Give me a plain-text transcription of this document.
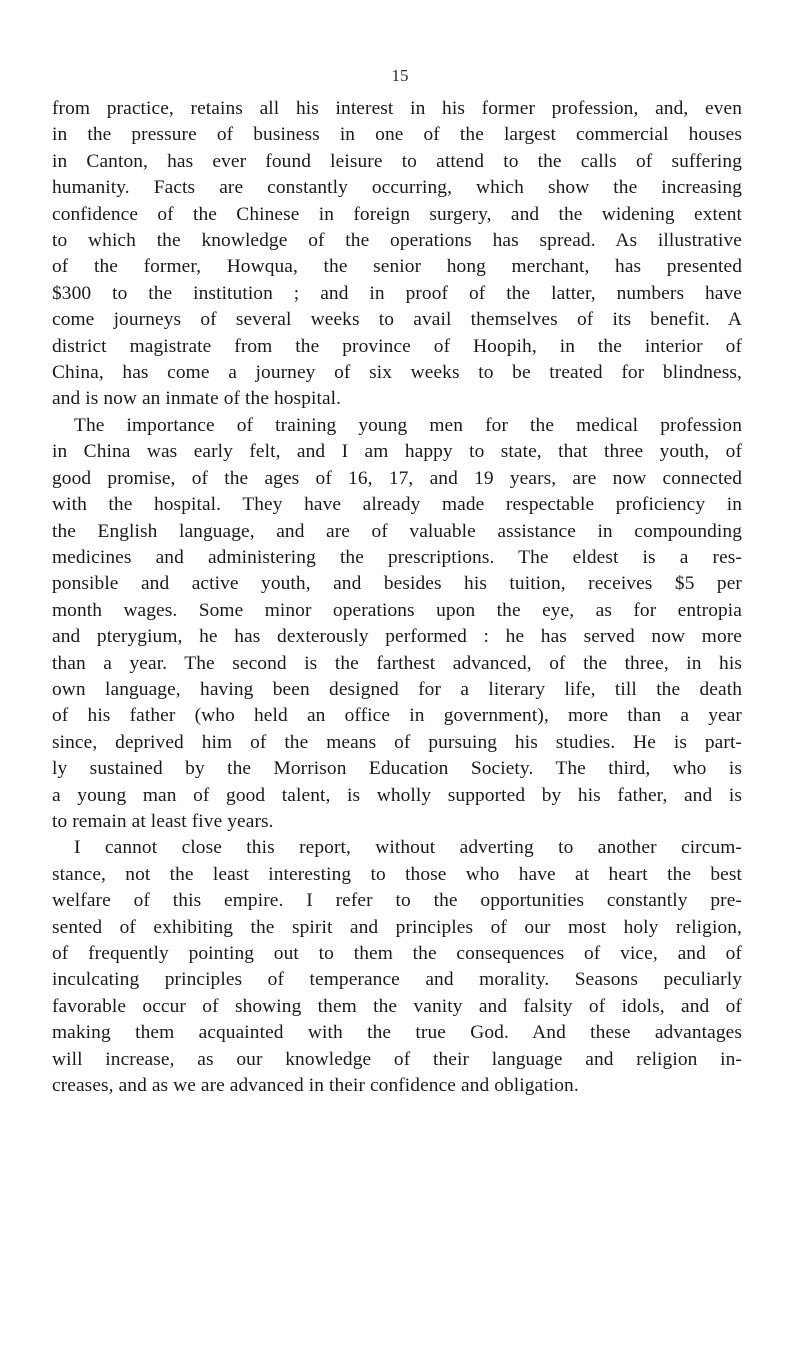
15
from practice, retains all his interest in his former profession, and, even
in the pressure of business in one of the largest commercial houses
in Canton, has ever found leisure to attend to the calls of suffering
humanity. Facts are constantly occurring, which show the increasing
confidence of the Chinese in foreign surgery, and the widening extent
to which the knowledge of the operations has spread. As illustrative
of the former, Howqua, the senior hong merchant, has presented
$300 to the institution ; and in proof of the latter, numbers have
come journeys of several weeks to avail themselves of its benefit. A
district magistrate from the province of Hoopih, in the interior of
China, has come a journey of six weeks to be treated for blindness,
and is now an inmate of the hospital.
The importance of training young men for the medical profession
in China was early felt, and I am happy to state, that three youth, of
good promise, of the ages of 16, 17, and 19 years, are now connected
with the hospital. They have already made respectable proficiency in
the English language, and are of valuable assistance in compounding
medicines and administering the prescriptions. The eldest is a res-
ponsible and active youth, and besides his tuition, receives $5 per
month wages. Some minor operations upon the eye, as for entropia
and pterygium, he has dexterously performed : he has served now more
than a year. The second is the farthest advanced, of the three, in his
own language, having been designed for a literary life, till the death
of his father (who held an office in government), more than a year
since, deprived him of the means of pursuing his studies. He is part-
ly sustained by the Morrison Education Society. The third, who is
a young man of good talent, is wholly supported by his father, and is
to remain at least five years.
I cannot close this report, without adverting to another circum-
stance, not the least interesting to those who have at heart the best
welfare of this empire. I refer to the opportunities constantly pre-
sented of exhibiting the spirit and principles of our most holy religion,
of frequently pointing out to them the consequences of vice, and of
inculcating principles of temperance and morality. Seasons peculiarly
favorable occur of showing them the vanity and falsity of idols, and of
making them acquainted with the true God. And these advantages
will increase, as our knowledge of their language and religion in-
creases, and as we are advanced in their confidence and obligation.
